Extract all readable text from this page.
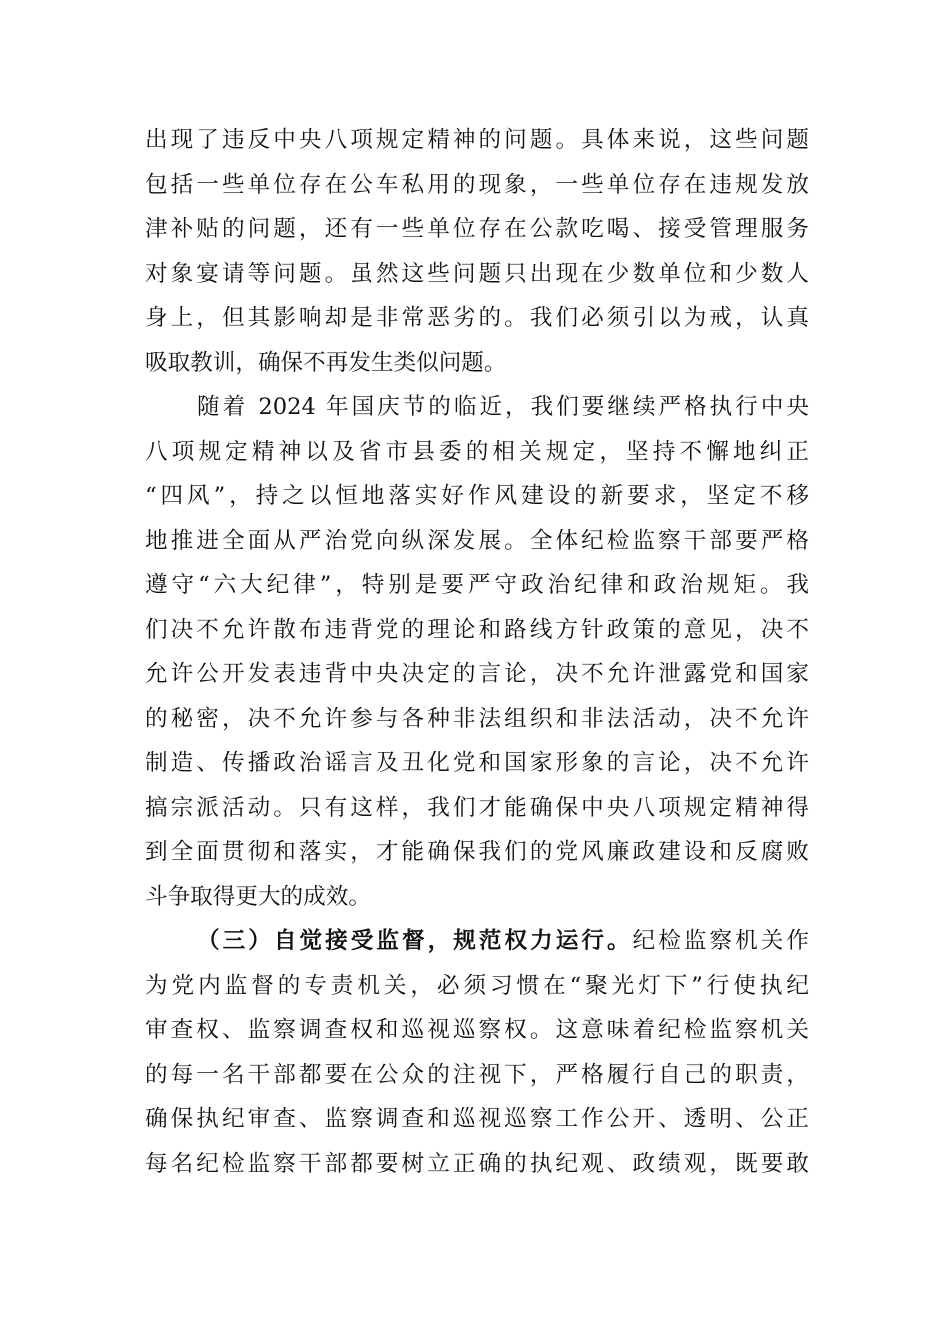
出现了违反中央八项规定精神的问题。具体来说，这些问题
包括一些单位存在公车私用的现象，一些单位存在违规发放
津补贴的问题，还有一些单位存在公款吃喝、接受管理服务
对象宴请等问题。虽然这些问题只出现在少数单位和少数人
身上，但其影响却是非常恶劣的。我们必须引以为戒，认真
吸取教训，确保不再发生类似问题。
随着 2024 年国庆节的临近，我们要继续严格执行中央
八项规定精神以及省市县委的相关规定，坚持不懈地纠正
“四风”，持之以恒地落实好作风建设的新要求，坚定不移
地推进全面从严治党向纵深发展。全体纪检监察干部要严格
遵守“六大纪律”，特别是要严守政治纪律和政治规矩。我
们决不允许散布违背党的理论和路线方针政策的意见，决不
允许公开发表违背中央决定的言论，决不允许泄露党和国家
的秘密，决不允许参与各种非法组织和非法活动，决不允许
制造、传播政治谣言及丑化党和国家形象的言论，决不允许
搞宗派活动。只有这样，我们才能确保中央八项规定精神得
到全面贯彻和落实，才能确保我们的党风廉政建设和反腐败
斗争取得更大的成效。
（三）自觉接受监督，规范权力运行。纪检监察机关作
为党内监督的专责机关，必须习惯在“聚光灯下”行使执纪
审查权、监察调查权和巡视巡察权。这意味着纪检监察机关
的每一名干部都要在公众的注视下，严格履行自己的职责，
确保执纪审查、监察调查和巡视巡察工作公开、透明、公正
每名纪检监察干部都要树立正确的执纪观、政绩观，既要敢
